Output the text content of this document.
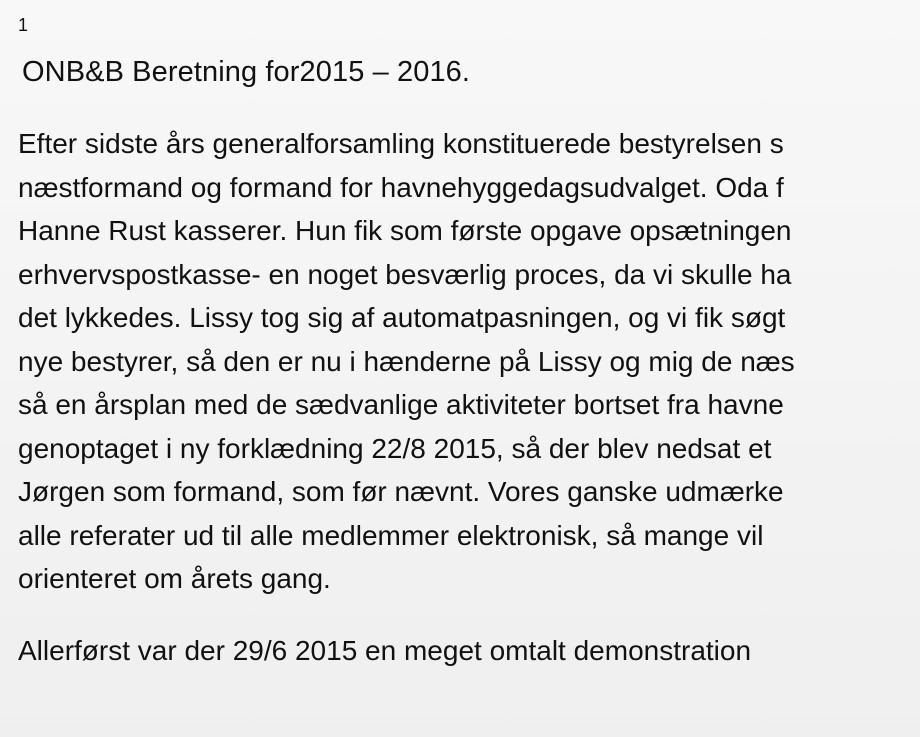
1
ONB&B Beretning for2015 – 2016.
Efter sidste års generalforsamling konstituerede bestyrelsen s
næstformand og formand for havnehyggedagsudvalget. Oda f
Hanne Rust kasserer. Hun fik som første opgave opsætningen
erhvervspostkasse- en noget besværlig proces, da vi skulle ha
det lykkedes. Lissy tog sig af automatpasningen, og vi fik søgt
nye bestyrer, så den er nu i hænderne på Lissy og mig de næs
så en årsplan med de sædvanlige aktiviteter bortset fra havne
genoptaget i ny forklædning 22/8 2015, så der blev nedsat et
Jørgen som formand, som før nævnt. Vores ganske udmærke
alle referater ud til alle medlemmer elektronisk, så mange vil
orienteret om årets gang.
Allerførst var der 29/6 2015 en meget omtalt demonstration
